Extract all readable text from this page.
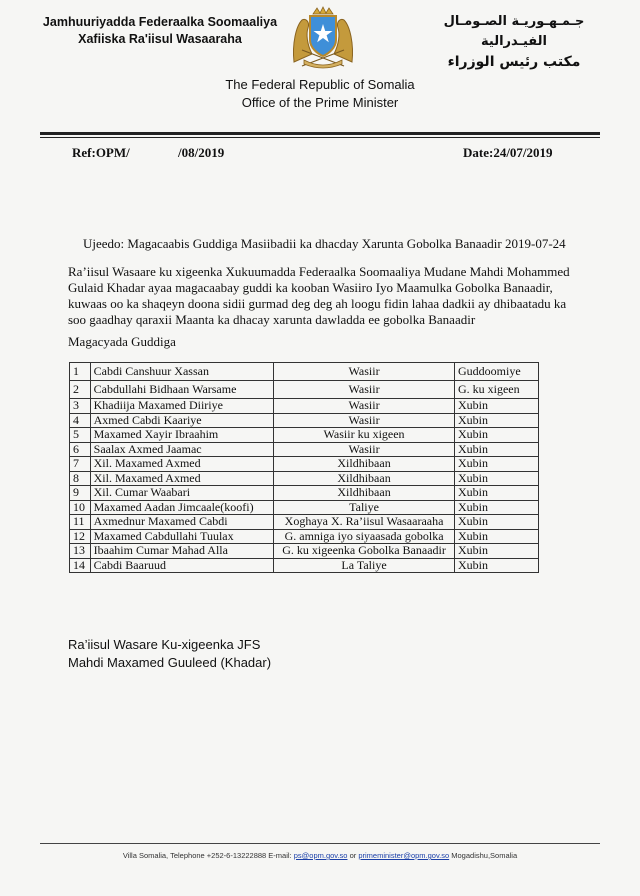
Jamhuuriyadda Federaalka Soomaaliya
Xafiiska Ra'iisul Wasaaraha
جـمـهـوريـة الصـومـال الفيـدرالية
مكتب رئيس الوزراء
The Federal Republic of Somalia
Office of the Prime Minister
Ref:OPM/	/08/2019	Date:24/07/2019
Ujeedo: Magacaabis Guddiga Masiibadii ka dhacday Xarunta Gobolka Banaadir 2019-07-24
Ra’iisul Wasaare ku xigeenka Xukuumadda Federaalka Soomaaliya Mudane Mahdi Mohammed
Gulaid Khadar ayaa magacaabay guddi ka kooban Wasiiro Iyo Maamulka Gobolka Banaadir,
kuwaas oo ka shaqeyn doona sidii gurmad deg deg ah loogu fidin lahaa dadkii ay dhibaatadu ka
soo gaadhay qaraxii Maanta ka dhacay xarunta dawladda ee gobolka Banaadir
Magacyada Guddiga
1	Cabdi Canshuur Xassan	Wasiir	Guddoomiye
2	Cabdullahi Bidhaan Warsame	Wasiir	G. ku xigeen
3	Khadiija Maxamed Diiriye	Wasiir	Xubin
4	Axmed Cabdi Kaariye	Wasiir	Xubin
5	Maxamed Xayir Ibraahim	Wasiir ku xigeen	Xubin
6	Saalax Axmed Jaamac	Wasiir	Xubin
7	Xil. Maxamed Axmed	Xildhibaan	Xubin
8	Xil. Maxamed Axmed	Xildhibaan	Xubin
9	Xil. Cumar Waabari	Xildhibaan	Xubin
10	Maxamed Aadan Jimcaale(koofi)	Taliye	Xubin
11	Axmednur Maxamed Cabdi	Xoghaya X. Ra’iisul Wasaaraaha	Xubin
12	Maxamed Cabdullahi Tuulax	G. amniga iyo siyaasada gobolka	Xubin
13	Ibaahim Cumar Mahad Alla	G. ku xigeenka Gobolka Banaadir	Xubin
14	Cabdi Baaruud	La Taliye	Xubin
Ra’iisul Wasare Ku-xigeenka JFS
Mahdi Maxamed Guuleed (Khadar)
Villa Somalia, Telephone +252-6-13222888 E-mail: ps@opm.gov.so or primeminister@opm.gov.so Mogadishu,Somalia
